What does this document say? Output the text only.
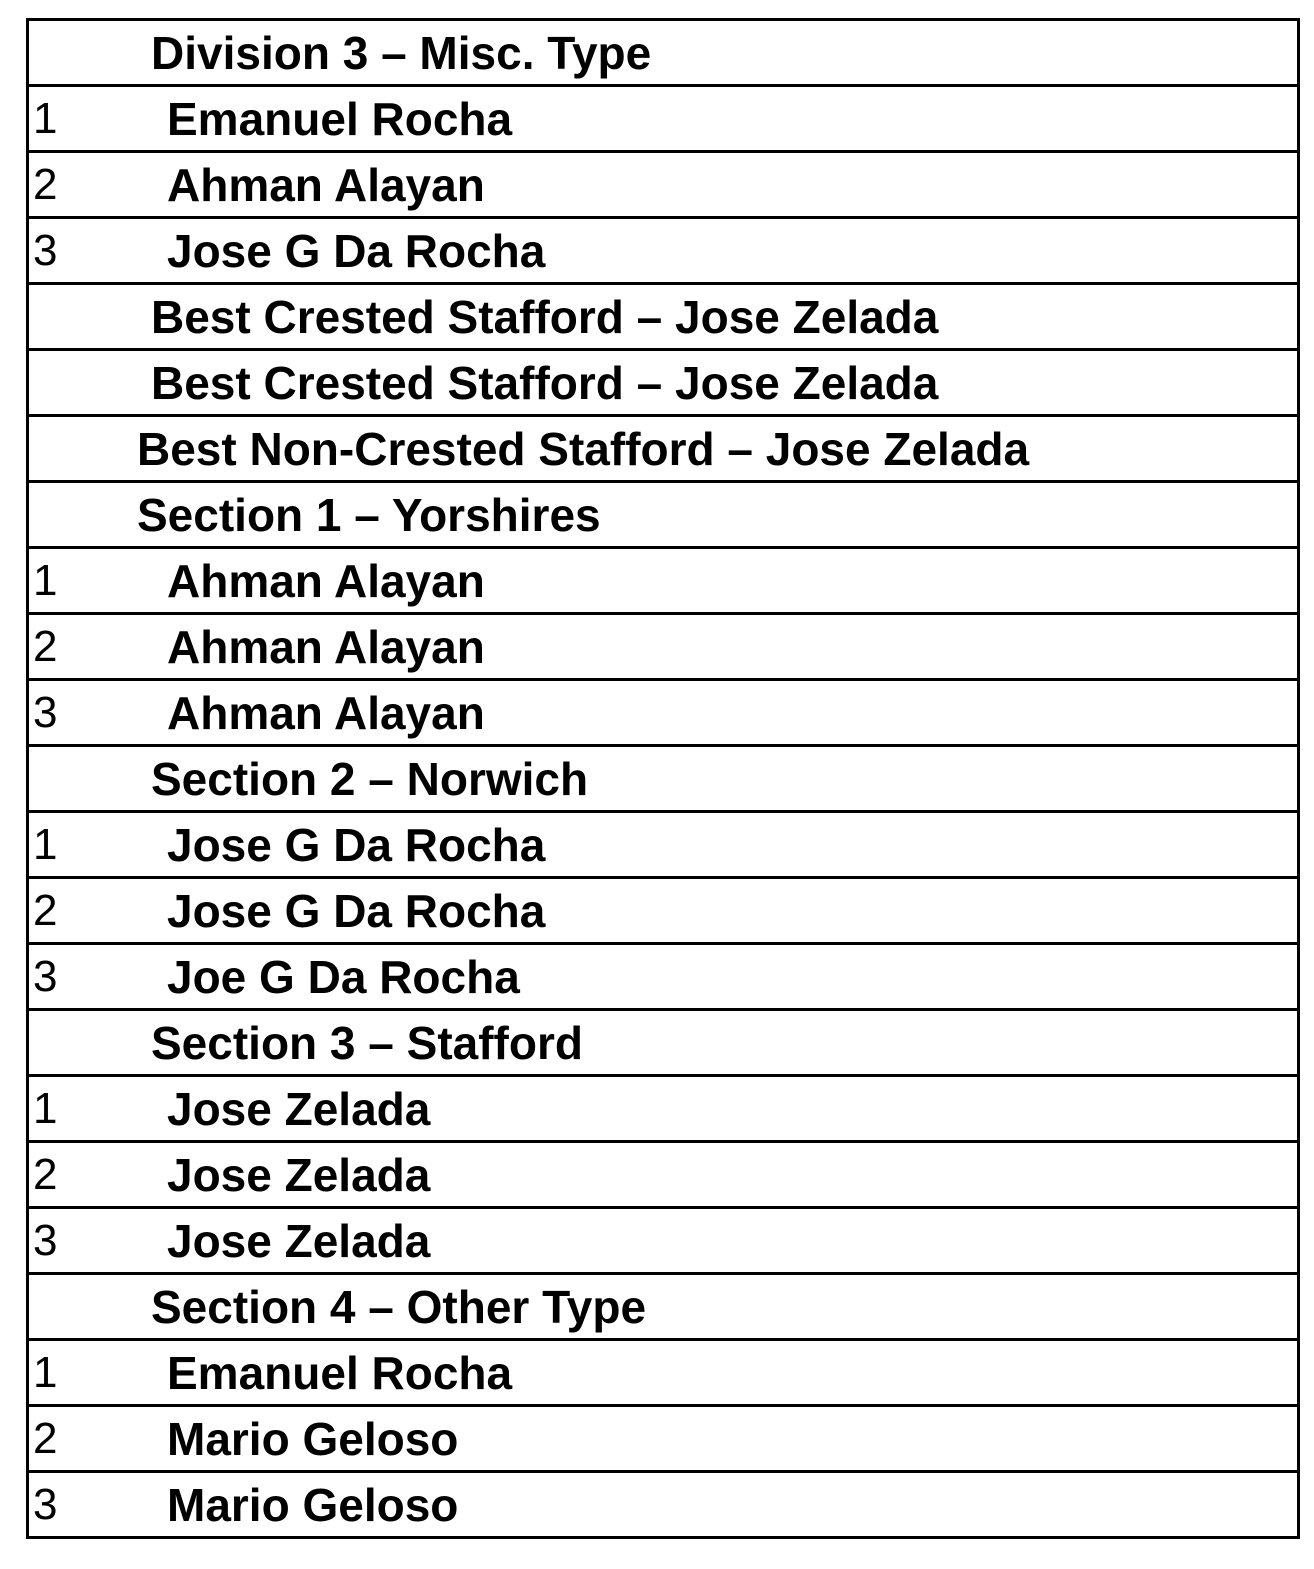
Division 3 – Misc. Type
1 Emanuel Rocha
2 Ahman Alayan
3 Jose G Da Rocha
Best Crested Stafford – Jose Zelada
Best Crested Stafford – Jose Zelada
Best Non-Crested Stafford – Jose Zelada
Section 1 – Yorshires
1 Ahman Alayan
2 Ahman Alayan
3 Ahman Alayan
Section 2 – Norwich
1 Jose G Da Rocha
2 Jose G Da Rocha
3 Joe G Da Rocha
Section 3 – Stafford
1 Jose Zelada
2 Jose Zelada
3 Jose Zelada
Section 4 – Other Type
1 Emanuel Rocha
2 Mario Geloso
3 Mario Geloso
